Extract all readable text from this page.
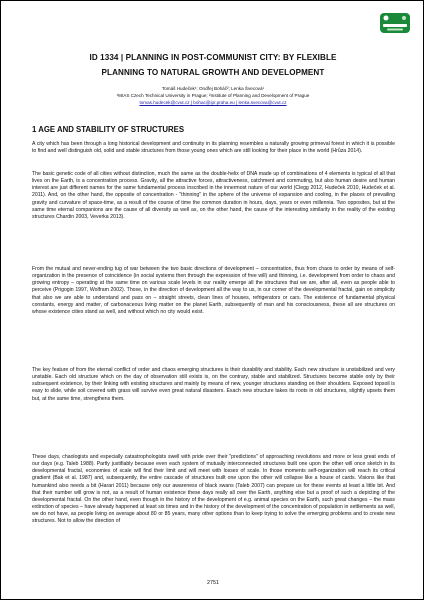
ID 1334 | PLANNING IN POST-COMMUNIST CITY: BY FLEXIBLE
PLANNING TO NATURAL GROWTH AND DEVELOPMENT
Tomáš Hudeček¹; Ondřej Boháč²; Lenka Švecová¹
¹MIAS Czech Technical University in Prague; ²Institute of Planning and Development of Prague
tomas.hudecek@cvut.cz | bohac@ipr.praha.eu | lenka.svecova@cvut.cz
1 AGE AND STABILITY OF STRUCTURES

A city which has been through a long historical development and continuity in its planning resembles a naturally growing primeval forest in which it is possible to find and well distinguish old, solid and stable structures from those young ones which are still looking for their place in the world (Hrůza 2014).

The basic genetic code of all cities without distinction, much the same as the double-helix of DNA made up of combinations of 4 elements is typical of all that lives on the Earth, is a concentration process. Gravity, all the attractive forces, attractiveness, catchment and commuting, but also human desire and human interest are just different names for the same fundamental process inscribed in the innermost nature of our world (Clegg 2012, Hudeček 2010, Hudeček et al. 2011). And, on the other hand, the opposite of concentration - "thinning" in the sphere of the universe of expansion and cooling, in the places of prevailing gravity and curvature of space-time, as a result of the course of time the common duration in hours, days, years or even millennia. Two opposites, but at the same time eternal companions are the cause of all diversity as well as, on the other hand, the cause of the interesting similarity in the reality of the existing structures Chardin 2003, Veverka 2013).

From the mutual and never-ending tug of war between the two basic directions of development – concentration, thus from chaos to order by means of self-organization in the presence of coincidence (in social systems then through the expression of free will) and thinning, i.e. development from order to chaos and growing entropy – operating at the same time on various scale levels in our reality emerge all the structures that we are, after all, even as people able to perceive (Prigogin 1997, Wolfram 2002). Those, in the direction of development all the way to us, in our corner of the developmental fractal, gain on simplicity that also we are able to understand and pass on – straight streets, clean lines of houses, refrigerators or cars. The existence of fundamental physical constants, energy and matter, of carbonaceous living matter on the planet Earth, subsequently of man and his consciousness, these all are structures on whose existence cities stand as well, and without which no city would exist.

The key feature of from the eternal conflict of order and chaos emerging structures is their durability and stability. Each new structure is unstabilized and very unstable. Each old structure which on the day of observation still exists is, on the contrary, stable and stabilized. Structures become stable only by their subsequent existence, by their linking with existing structures and mainly by means of new, younger structures standing on their shoulders. Exposed topsoil is easy to slide, while soil covered with grass will survive even great natural disasters. Exach new structure takes its roots in old structures, slightly upsets them but, at the same time, strengthens them.

These days, chaologists and especially catastrophologists swell with pride over their "predictions" of approaching revolutions and more or less great ends of our days (e.g. Taleb 1988). Partly justifiably because even each system of mutually interconnected structures built one upon the other will once sketch in its developmental fractal, economies of scale will find their limit and will meet with losses of scale. In those moments self-organization will reach its critical gradient (Bak et al. 1987) and, subsequently, the entire cascade of structures built one upon the other will collapse like a house of cards. Visions like that humankind also needs a bit (Harari 2011) because only our awareness of black swans (Taleb 2007) can prepare us for these events at least a little bit. And that their number will grow is not, as a result of human existence these days really all over the Earth, anything else but a proof of such a depicting of the developmental fractal. On the other hand, even though in the history of the development of e.g. animal species on the Earth, such great changes – the mass extinction of species – have already happened at least six times and in the history of the development of the concentration of population in settlements as well, we do not have, as people living on average about 80 or 85 years, many other options than to keep trying to solve the emerging problems and to create new structures. Not to allow the direction of

2751
